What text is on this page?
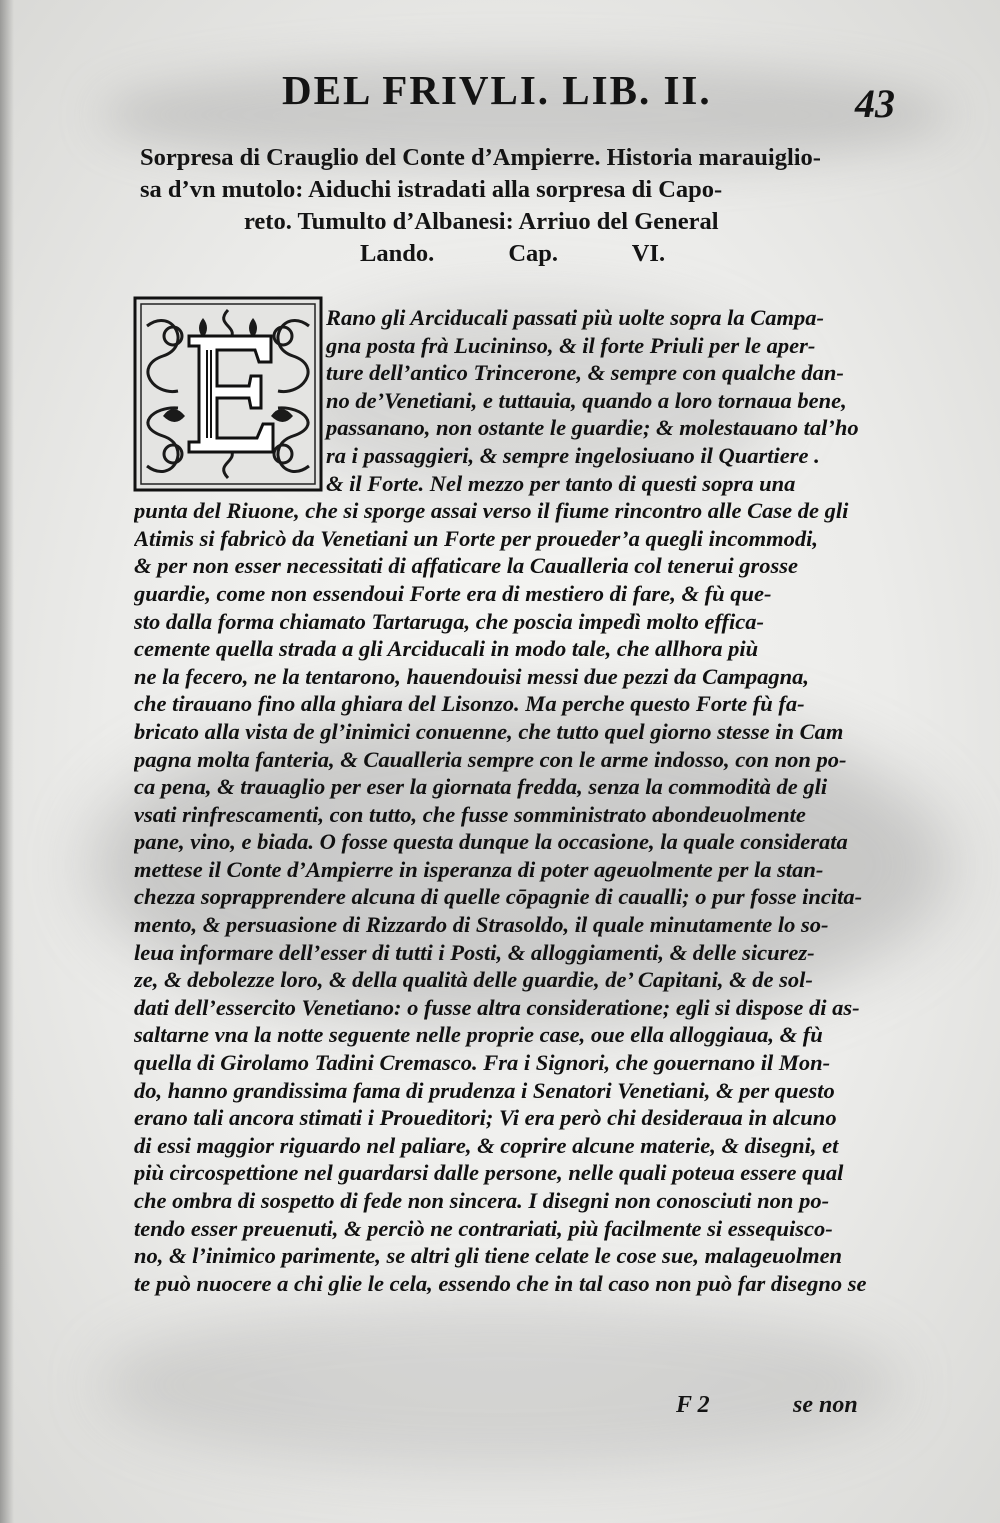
DEL FRIVLI. LIB. II.	43
Sorpresa di Crauglio del Conte d’Ampierre. Historia marauiglio-
sa d’vn mutolo: Aiduchi istradati alla sorpresa di Capo-
reto. Tumulto d’Albanesi: Arriuo del General
Lando. Cap. VI.
Rano gli Arciducali passati più uolte sopra la Campa-
gna posta frà Lucininso, & il forte Priuli per le aper-
ture dell’antico Trincerone, & sempre con qualche dan-
no de’Venetiani, e tuttauia, quando a loro tornaua bene,
passanano, non ostante le guardie; & molestauano tal’ho
ra i passaggieri, & sempre ingelosiuano il Quartiere .
& il Forte. Nel mezzo per tanto di questi sopra una
punta del Riuone, che si sporge assai verso il fiume rincontro alle Case de gli
Atimis si fabricò da Venetiani un Forte per proueder’a quegli incommodi,
& per non esser necessitati di affaticare la Caualleria col tenerui grosse
guardie, come non essendoui Forte era di mestiero di fare, & fù que-
sto dalla forma chiamato Tartaruga, che poscia impedì molto effica-
cemente quella strada a gli Arciducali in modo tale, che allhora più
ne la fecero, ne la tentarono, hauendouisi messi due pezzi da Campagna,
che tirauano fino alla ghiara del Lisonzo. Ma perche questo Forte fù fa-
bricato alla vista de gl’inimici conuenne, che tutto quel giorno stesse in Cam
pagna molta fanteria, & Caualleria sempre con le arme indosso, con non po-
ca pena, & trauaglio per eser la giornata fredda, senza la commodità de gli
vsati rinfrescamenti, con tutto, che fusse somministrato abondeuolmente
pane, vino, e biada. O fosse questa dunque la occasione, la quale considerata
mettese il Conte d’Ampierre in isperanza di poter ageuolmente per la stan-
chezza soprapprendere alcuna di quelle cōpagnie di caualli; o pur fosse incita-
mento, & persuasione di Rizzardo di Strasoldo, il quale minutamente lo so-
leua informare dell’esser di tutti i Posti, & alloggiamenti, & delle sicurez-
ze, & debolezze loro, & della qualità delle guardie, de’ Capitani, & de sol-
dati dell’essercito Venetiano: o fusse altra consideratione; egli si dispose di as-
saltarne vna la notte seguente nelle proprie case, oue ella alloggiaua, & fù
quella di Girolamo Tadini Cremasco. Fra i Signori, che gouernano il Mon-
do, hanno grandissima fama di prudenza i Senatori Venetiani, & per questo
erano tali ancora stimati i Proueditori; Vi era però chi desideraua in alcuno
di essi maggior riguardo nel paliare, & coprire alcune materie, & disegni, et
più circospettione nel guardarsi dalle persone, nelle quali poteua essere qual
che ombra di sospetto di fede non sincera. I disegni non conosciuti non po-
tendo esser preuenuti, & perciò ne contrariati, più facilmente si essequisco-
no, & l’inimico parimente, se altri gli tiene celate le cose sue, malageuolmen
te può nuocere a chi glie le cela, essendo che in tal caso non può far disegno se
F 2	se non
